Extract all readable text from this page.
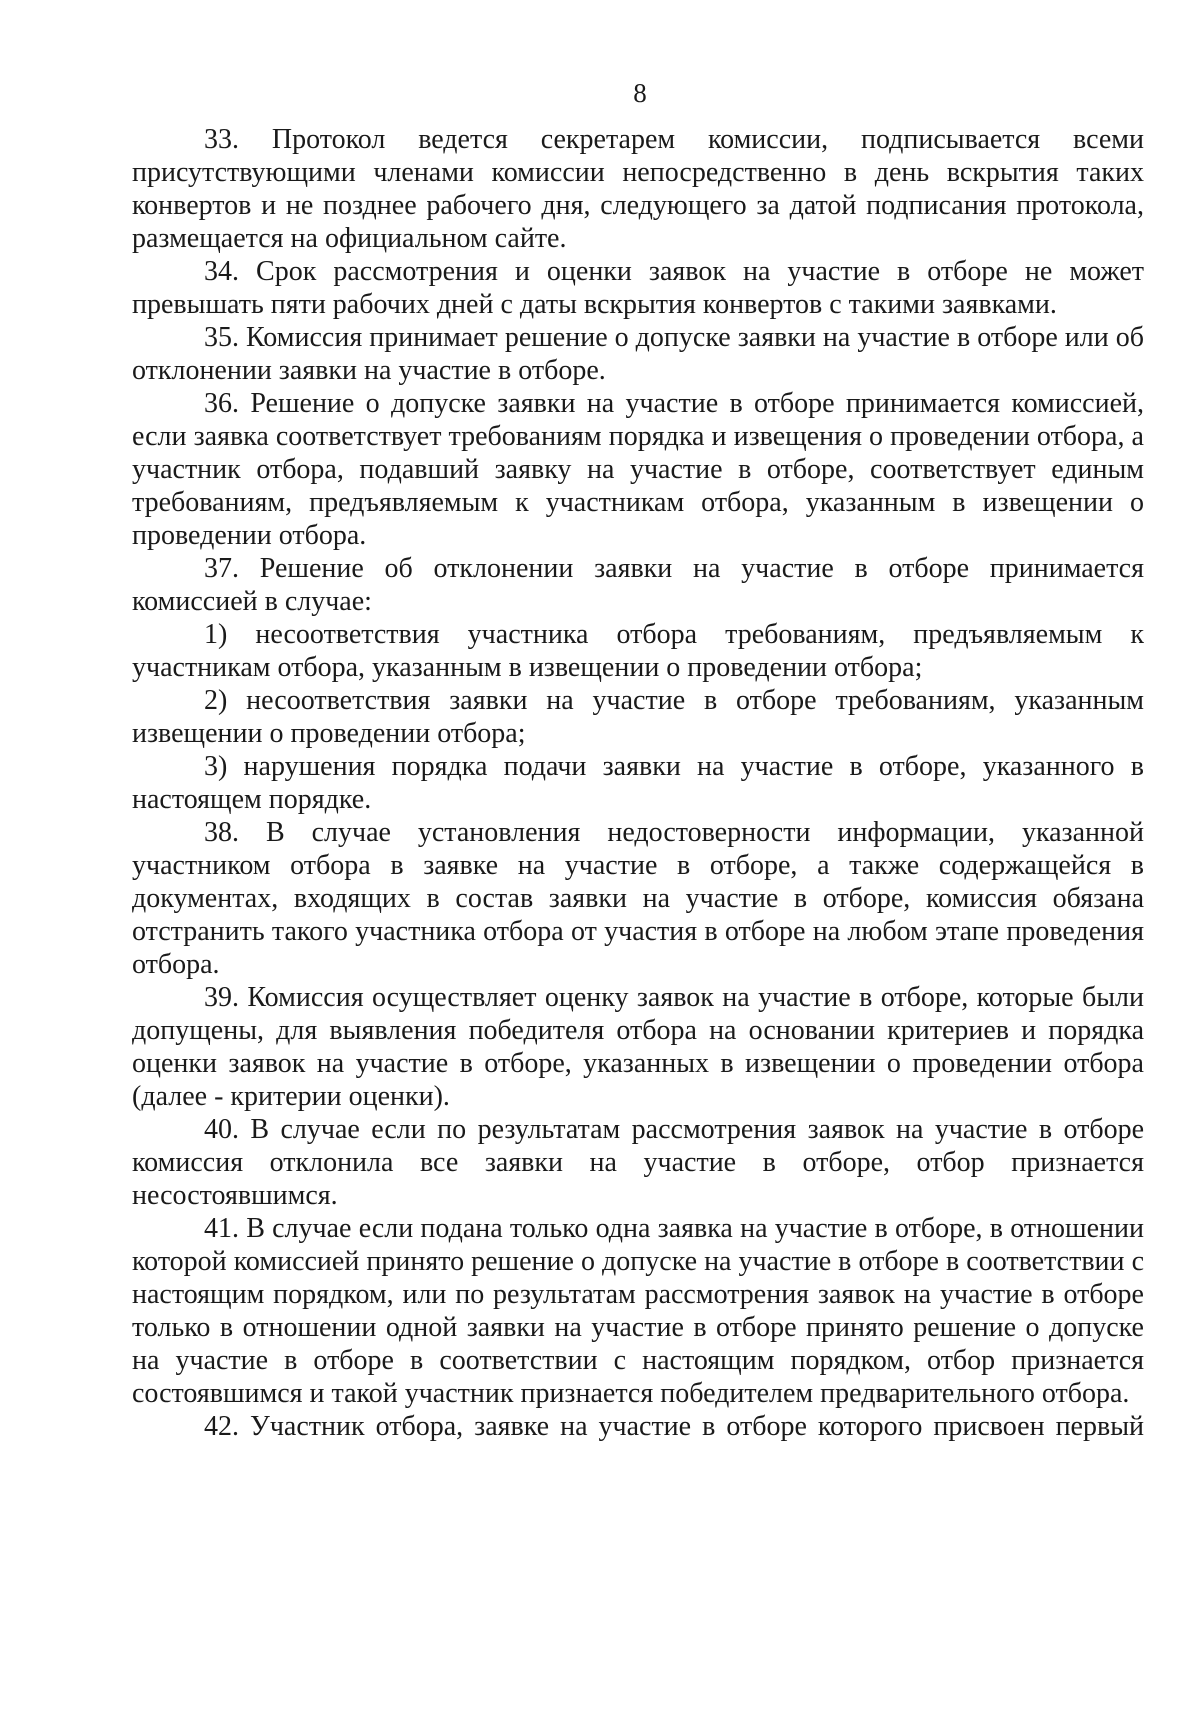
8

33. Протокол ведется секретарем комиссии, подписывается всеми присутствующими членами комиссии непосредственно в день вскрытия таких конвертов и не позднее рабочего дня, следующего за датой подписания протокола, размещается на официальном сайте.

34. Срок рассмотрения и оценки заявок на участие в отборе не может превышать пяти рабочих дней с даты вскрытия конвертов с такими заявками.

35. Комиссия принимает решение о допуске заявки на участие в отборе или об отклонении заявки на участие в отборе.

36. Решение о допуске заявки на участие в отборе принимается комиссией, если заявка соответствует требованиям порядка и извещения о проведении отбора, а участник отбора, подавший заявку на участие в отборе, соответствует единым требованиям, предъявляемым к участникам отбора, указанным в извещении о проведении отбора.

37. Решение об отклонении заявки на участие в отборе принимается комиссией в случае:

1) несоответствия участника отбора требованиям, предъявляемым к участникам отбора, указанным в извещении о проведении отбора;

2) несоответствия заявки на участие в отборе требованиям, указанным извещении о проведении отбора;

3) нарушения порядка подачи заявки на участие в отборе, указанного в настоящем порядке.

38. В случае установления недостоверности информации, указанной участником отбора в заявке на участие в отборе, а также содержащейся в документах, входящих в состав заявки на участие в отборе, комиссия обязана отстранить такого участника отбора от участия в отборе на любом этапе проведения отбора.

39. Комиссия осуществляет оценку заявок на участие в отборе, которые были допущены, для выявления победителя отбора на основании критериев и порядка оценки заявок на участие в отборе, указанных в извещении о проведении отбора (далее - критерии оценки).

40. В случае если по результатам рассмотрения заявок на участие в отборе комиссия отклонила все заявки на участие в отборе, отбор признается несостоявшимся.

41. В случае если подана только одна заявка на участие в отборе, в отношении которой комиссией принято решение о допуске на участие в отборе в соответствии с настоящим порядком, или по результатам рассмотрения заявок на участие в отборе только в отношении одной заявки на участие в отборе принято решение о допуске на участие в отборе в соответствии с настоящим порядком, отбор признается состоявшимся и такой участник признается победителем предварительного отбора.

42. Участник отбора, заявке на участие в отборе которого присвоен первый
